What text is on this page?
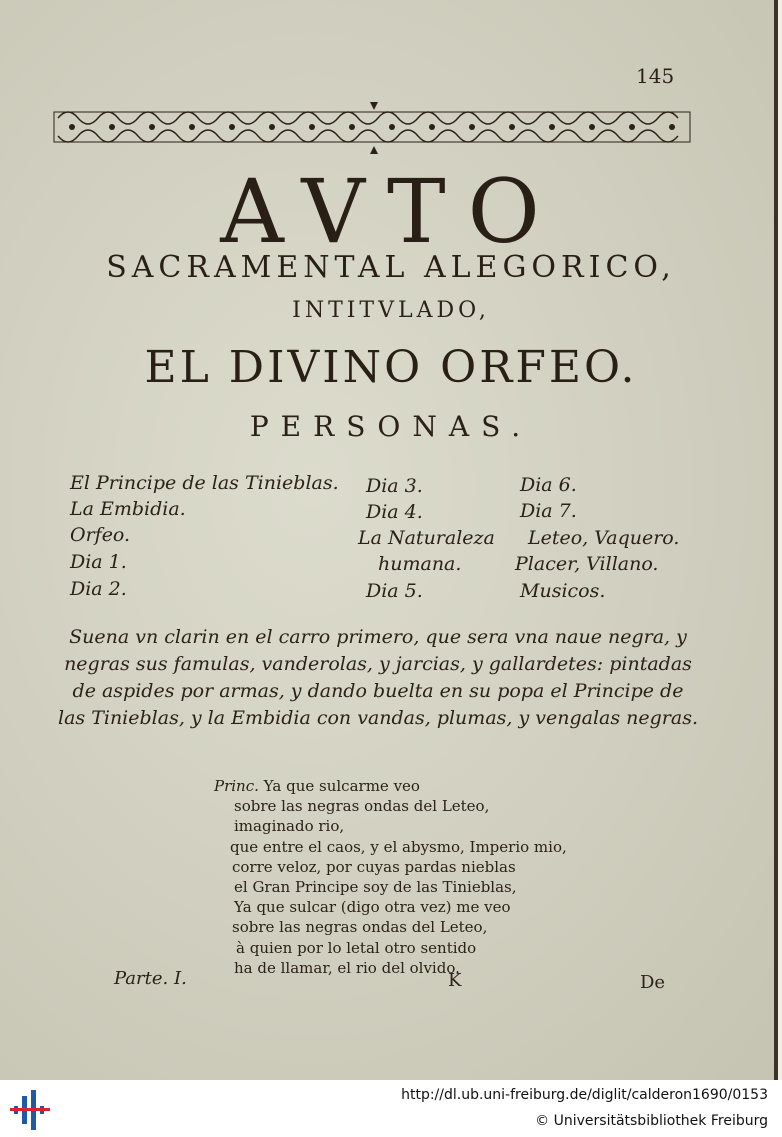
145
AVTO
SACRAMENTAL ALEGORICO,
INTITVLADO,
EL DIVINO ORFEO.
PERSONAS.
El Principe de las Tinieblas.
La Embidia.
Orfeo.
Dia 1.
Dia 2.
Dia 3.
Dia 4.
La Naturaleza
humana.
Dia 5.
Dia 6.
Dia 7.
Leteo, Vaquero.
Placer, Villano.
Musicos.
Suena vn clarin en el carro primero, que sera vna naue negra, y negras sus famulas, vanderolas, y jarcias, y gallardetes: pintadas de aspides por armas, y dando buelta en su popa el Principe de las Tinieblas, y la Embidia con vandas, plumas, y vengalas negras.
Princ. Ya que sulcarme veo
sobre las negras ondas del Leteo,
imaginado rio,
que entre el caos, y el abysmo, Imperio mio,
corre veloz, por cuyas pardas nieblas
el Gran Principe soy de las Tinieblas,
Ya que sulcar (digo otra vez) me veo
sobre las negras ondas del Leteo,
à quien por lo letal otro sentido
ha de llamar, el rio del olvido.
Parte. I.	K	De
http://dl.ub.uni-freiburg.de/diglit/calderon1690/0153
© Universitätsbibliothek Freiburg
